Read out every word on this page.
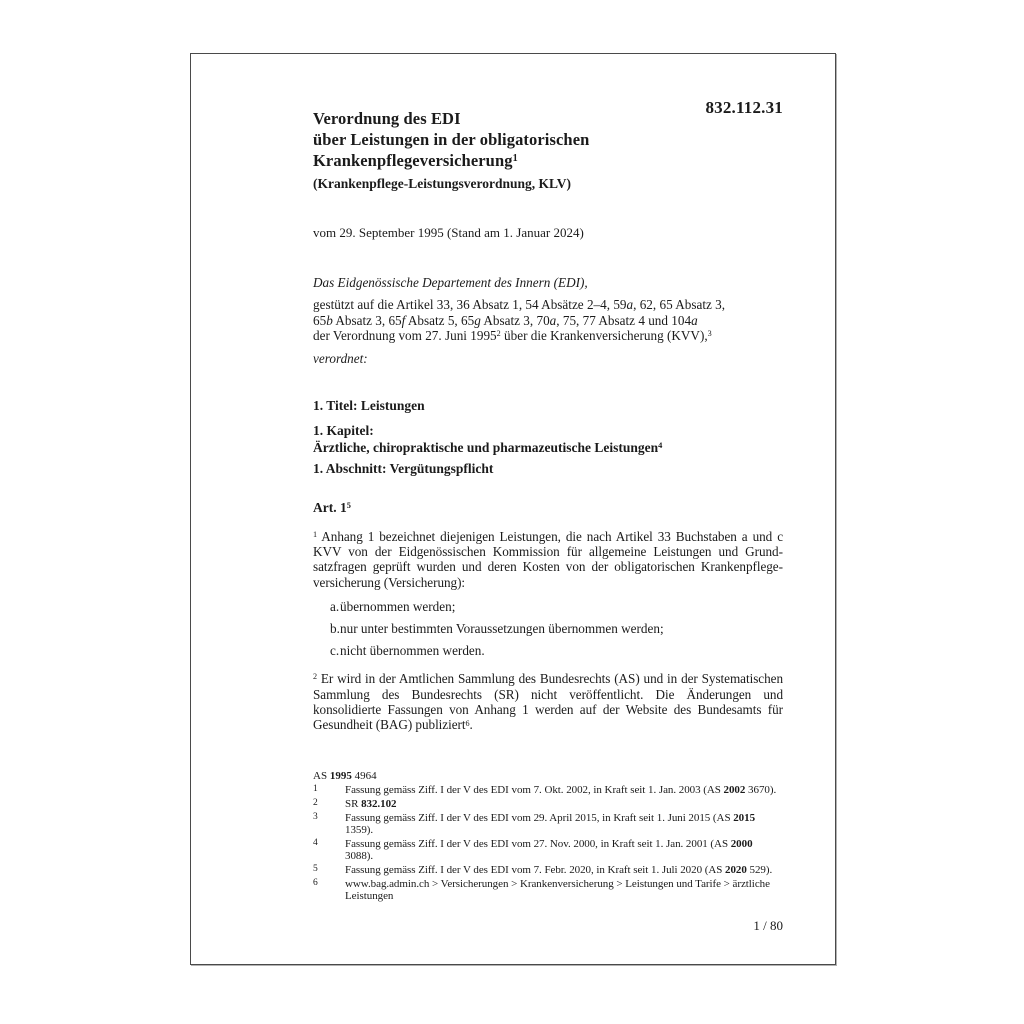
832.112.31
Verordnung des EDI
über Leistungen in der obligatorischen
Krankenpflegeversicherung$^1$
(Krankenpflege-Leistungsverordnung, KLV)
vom 29. September 1995 (Stand am 1. Januar 2024)
Das Eidgenössische Departement des Innern (EDI),
gestützt auf die Artikel 33, 36 Absatz 1, 54 Absätze 2–4, 59a, 62, 65 Absatz 3,
65b Absatz 3, 65f Absatz 5, 65g Absatz 3, 70a, 75, 77 Absatz 4 und 104a
der Verordnung vom 27. Juni 1995$^2$ über die Krankenversicherung (KVV),$^3$
verordnet:
1. Titel: Leistungen
1. Kapitel:
Ärztliche, chiropraktische und pharmazeutische Leistungen$^4$
1. Abschnitt: Vergütungspflicht
Art. $1^5$

$^1$ Anhang 1 bezeichnet diejenigen Leistungen, die nach Artikel 33 Buchstaben a und c KVV von der Eidgenössischen Kommission für allgemeine Leistungen und Grundsatzfragen geprüft wurden und deren Kosten von der obligatorischen Krankenpflegeversicherung (Versicherung):

a. übernommen werden;
b. nur unter bestimmten Voraussetzungen übernommen werden;
c. nicht übernommen werden.

$^2$ Er wird in der Amtlichen Sammlung des Bundesrechts (AS) und in der Systematischen Sammlung des Bundesrechts (SR) nicht veröffentlicht. Die Änderungen und konsolidierte Fassungen von Anhang 1 werden auf der Website des Bundesamts für Gesundheit (BAG) publiziert$^6$.

AS 1995 4964
1	Fassung gemäss Ziff. I der V des EDI vom 7. Okt. 2002, in Kraft seit 1. Jan. 2003 (AS 2002 3670).
2	SR 832.102
3	Fassung gemäss Ziff. I der V des EDI vom 29. April 2015, in Kraft seit 1. Juni 2015 (AS 2015 1359).
4	Fassung gemäss Ziff. I der V des EDI vom 27. Nov. 2000, in Kraft seit 1. Jan. 2001 (AS 2000 3088).
5	Fassung gemäss Ziff. I der V des EDI vom 7. Febr. 2020, in Kraft seit 1. Juli 2020 (AS 2020 529).
6	www.bag.admin.ch > Versicherungen > Krankenversicherung > Leistungen und Tarife > ärztliche Leistungen
1 / 80
